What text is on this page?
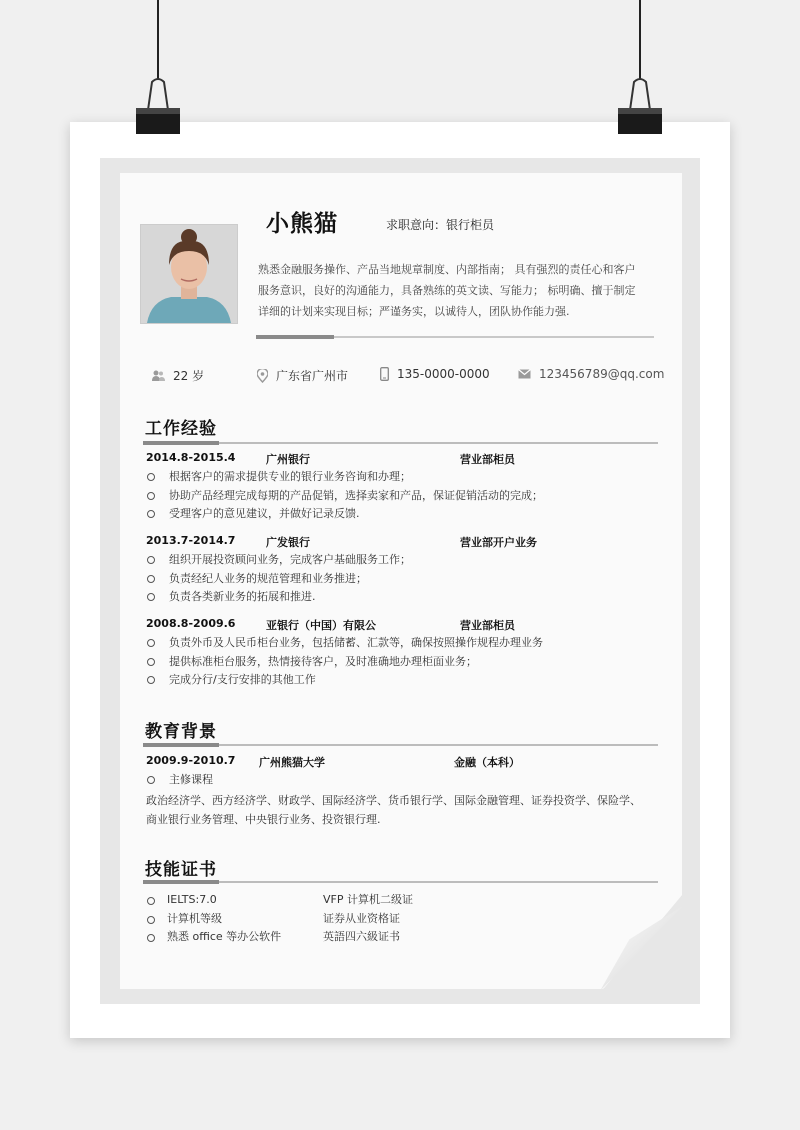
小熊猫	求职意向：银行柜员
熟悉金融服务操作、产品当地规章制度、内部指南； 具有强烈的责任心和客户服务意识，良好的沟通能力，具备熟练的英文读、写能力； 标明确、擅于制定详细的计划来实现目标；严谨务实，以诚待人，团队协作能力强.
22 岁	广东省广州市	135-0000-0000	123456789@qq.com
工作经验
2014.8-2015.4	广州银行	营业部柜员
根据客户的需求提供专业的银行业务咨询和办理；
协助产品经理完成每期的产品促销，选择卖家和产品，保证促销活动的完成；
受理客户的意见建议，并做好记录反馈.
2013.7-2014.7	广发银行	营业部开户业务
组织开展投资顾问业务，完成客户基础服务工作；
负责经纪人业务的规范管理和业务推进；
负责各类新业务的拓展和推进.
2008.8-2009.6	亚银行（中国）有限公	营业部柜员
负责外币及人民币柜台业务，包括储蓄、汇款等，确保按照操作规程办理业务
提供标准柜台服务，热情接待客户，及时准确地办理柜面业务；
完成分行/支行安排的其他工作
教育背景
2009.9-2010.7 广州熊猫大学	金融（本科）
主修课程
政治经济学、西方经济学、财政学、国际经济学、货币银行学、国际金融管理、证券投资学、保险学、商业银行业务管理、中央银行业务、投资银行理.
技能证书
IELTS:7.0	VFP 计算机二级证
计算机等级	证券从业资格证
熟悉 office 等办公软件	英語四六級证书
